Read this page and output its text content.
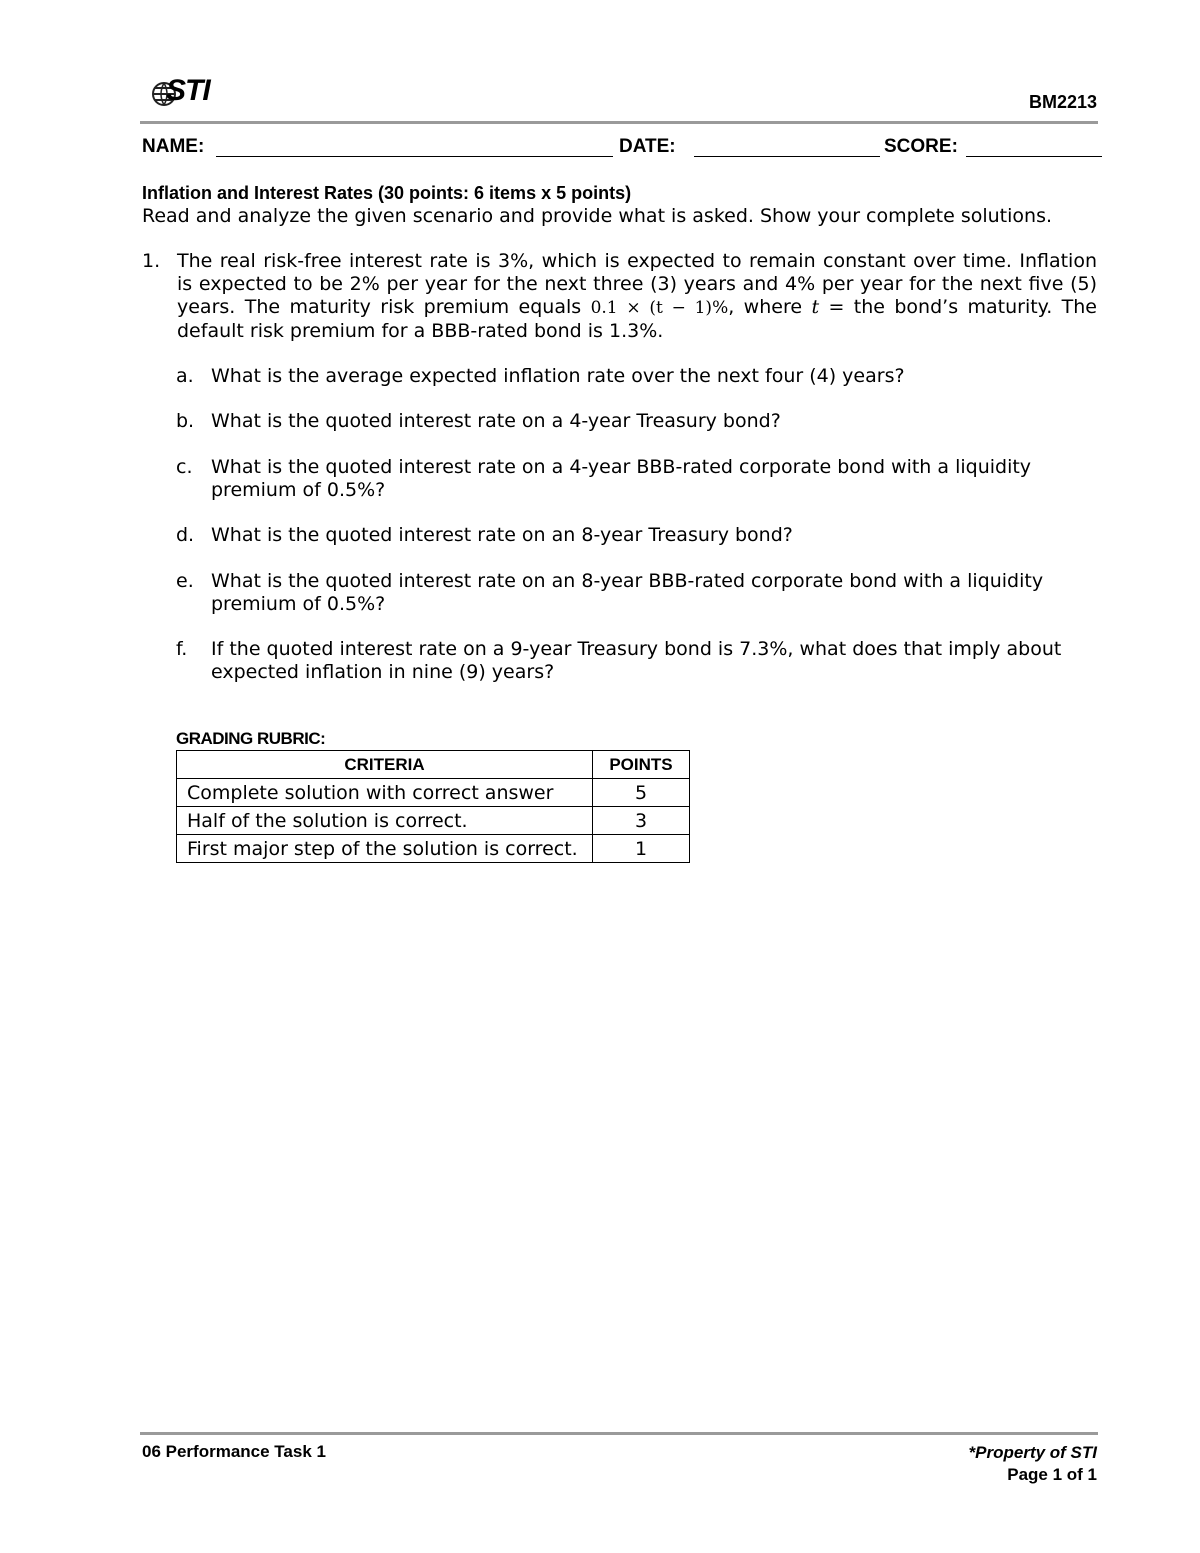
STI	BM2213
NAME:	DATE:	SCORE:
Inflation and Interest Rates (30 points: 6 items x 5 points)
Read and analyze the given scenario and provide what is asked. Show your complete solutions.
1. The real risk-free interest rate is 3%, which is expected to remain constant over time. Inflation is expected to be 2% per year for the next three (3) years and 4% per year for the next five (5) years. The maturity risk premium equals 0.1 × (t − 1)%, where t = the bond’s maturity. The default risk premium for a BBB-rated bond is 1.3%.
a. What is the average expected inflation rate over the next four (4) years?
b. What is the quoted interest rate on a 4-year Treasury bond?
c. What is the quoted interest rate on a 4-year BBB-rated corporate bond with a liquidity premium of 0.5%?
d. What is the quoted interest rate on an 8-year Treasury bond?
e. What is the quoted interest rate on an 8-year BBB-rated corporate bond with a liquidity premium of 0.5%?
f. If the quoted interest rate on a 9-year Treasury bond is 7.3%, what does that imply about expected inflation in nine (9) years?
GRADING RUBRIC:
CRITERIA	POINTS
Complete solution with correct answer	5
Half of the solution is correct.	3
First major step of the solution is correct.	1
06 Performance Task 1	*Property of STI
Page 1 of 1
